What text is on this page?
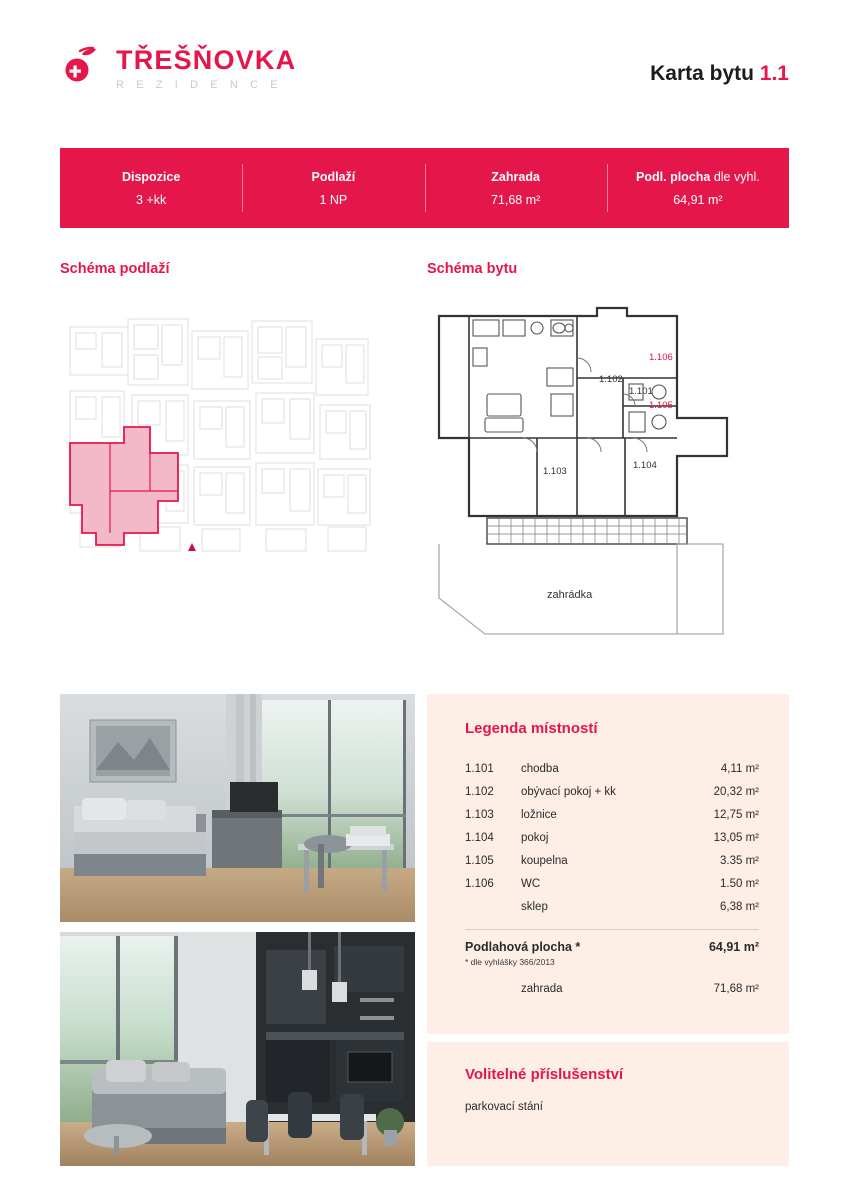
TŘEŠŇOVKA
R E Z I D E N C E	Karta bytu 1.1
Dispozice
3 +kk
Podlaží
1 NP
Zahrada
71,68 m²
Podl. plocha dle vyhl.
64,91 m²
Schéma podlaží	Schéma bytu
1.102
1.101
1.106
1.105
1.103
1.104
zahrádka
Legenda místností
1.101	chodba	4,11 m²
1.102	obývací pokoj + kk	20,32 m²
1.103	ložnice	12,75 m²
1.104	pokoj	13,05 m²
1.105	koupelna	3.35 m²
1.106	WC	1.50 m²
	sklep	6,38 m²
Podlahová plocha *	64,91 m²
* dle vyhlášky 366/2013
	zahrada	71,68 m²
Volitelné příslušenství
parkovací stání
